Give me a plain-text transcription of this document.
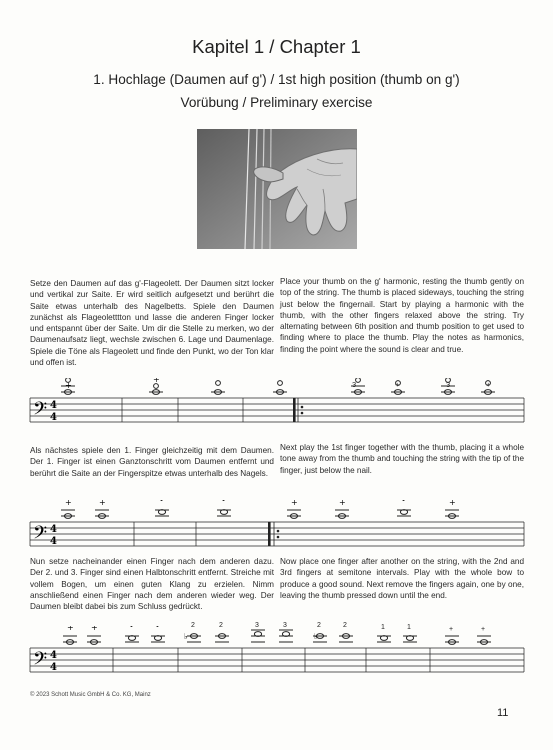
Kapitel 1 / Chapter 1
1. Hochlage (Daumen auf g') / 1st high position (thumb on g')
Vorübung / Preliminary exercise
Setze den Daumen auf das g'-Flageolett. Der Daumen sitzt locker und vertikal zur Saite. Er wird seitlich aufgesetzt und berührt die Saite etwas unterhalb des Nagelbetts. Spiele den Daumen zunächst als Flageoletttton und lasse die anderen Finger locker und entspannt über der Saite. Um dir die Stelle zu merken, wo der Daumenaufsatz liegt, wechsle zwischen 6. Lage und Daumenlage. Spiele die Töne als Flageolett und finde den Punkt, wo der Ton klar und offen ist.
Place your thumb on the g' harmonic, resting the thumb gently on top of the string. The thumb is placed sideways, touching the string just below the fingernail. Start by playing a harmonic with the thumb, with the other fingers relaxed above the string. Try alternating between 6th position and thumb position to get used to finding where to place the thumb. Play the notes as harmonics, finding the point where the sound is clear and true.
𝄢 4
4
+
+
3	+	3	+
Als nächstes spiele den 1. Finger gleichzeitig mit dem Daumen. Der 1. Finger ist einen Ganztonschritt vom Daumen entfernt und berührt die Saite an der Fingerspitze etwas unterhalb des Nagels.
Next play the 1st finger together with the thumb, placing it a whole tone away from the thumb and touching the string with the tip of the finger, just below the nail.
𝄢 4
4
+	+	+	+	+
Nun setze nacheinander einen Finger nach dem anderen dazu. Der 2. und 3. Finger sind einen Halbtonschritt entfernt. Streiche mit vollem Bogen, um einen guten Klang zu erzielen. Nimm anschließend einen Finger nach dem anderen wieder weg. Der Daumen bleibt dabei bis zum Schluss gedrückt.
Now place one finger after another on the string, with the 2nd and 3rd fingers at semitone intervals. Play with the whole bow to produce a good sound. Next remove the fingers again, one by one, leaving the thumb pressed down until the end.
𝄢 4
4
♭	♭
+ +	2	2	3	3	2	2	1	1	+	+
© 2023 Schott Music GmbH & Co. KG, Mainz
11
